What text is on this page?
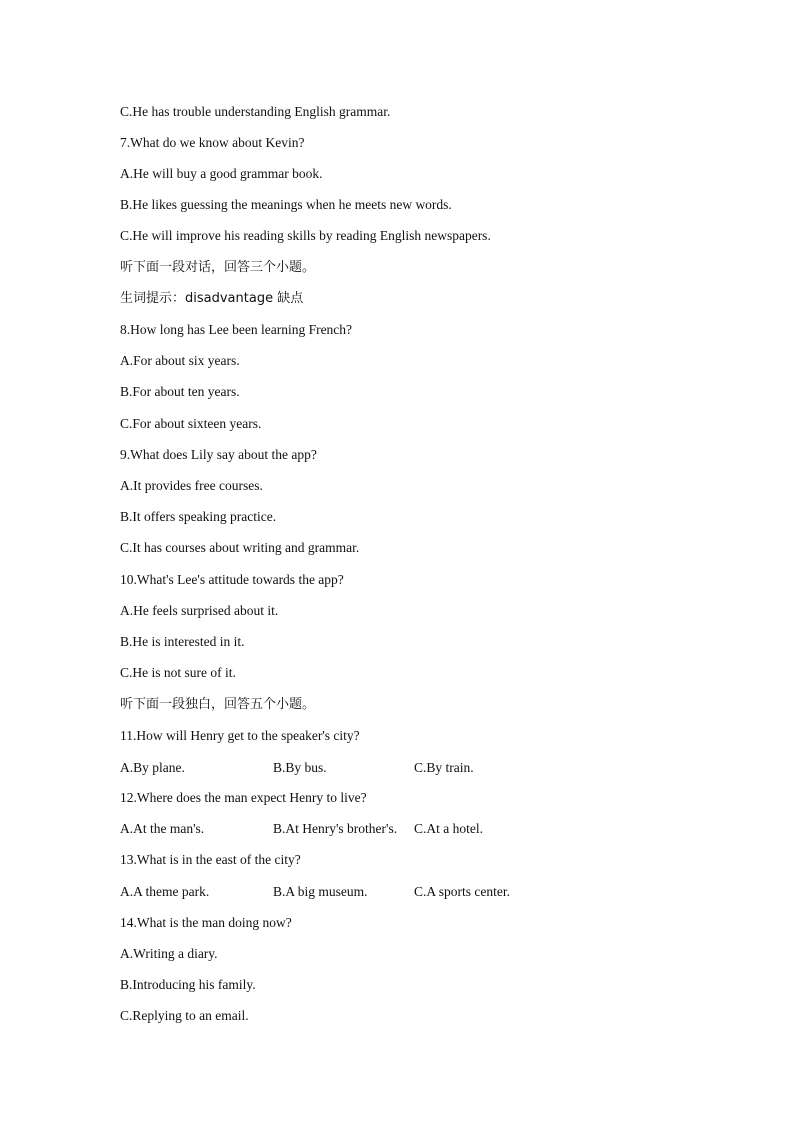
C.He has trouble understanding English grammar.
7.What do we know about Kevin?
A.He will buy a good grammar book.
B.He likes guessing the meanings when he meets new words.
C.He will improve his reading skills by reading English newspapers.
听下面一段对话，回答三个小题。
生词提示：disadvantage 缺点
8.How long has Lee been learning French?
A.For about six years.
B.For about ten years.
C.For about sixteen years.
9.What does Lily say about the app?
A.It provides free courses.
B.It offers speaking practice.
C.It has courses about writing and grammar.
10.What's Lee's attitude towards the app?
A.He feels surprised about it.
B.He is interested in it.
C.He is not sure of it.
听下面一段独白，回答五个小题。
11.How will Henry get to the speaker's city?
A.By plane.	B.By bus.	C.By train.
12.Where does the man expect Henry to live?
A.At the man's.	B.At Henry's brother's. C.At a hotel.
13.What is in the east of the city?
A.A theme park.	B.A big museum.	C.A sports center.
14.What is the man doing now?
A.Writing a diary.
B.Introducing his family.
C.Replying to an email.
